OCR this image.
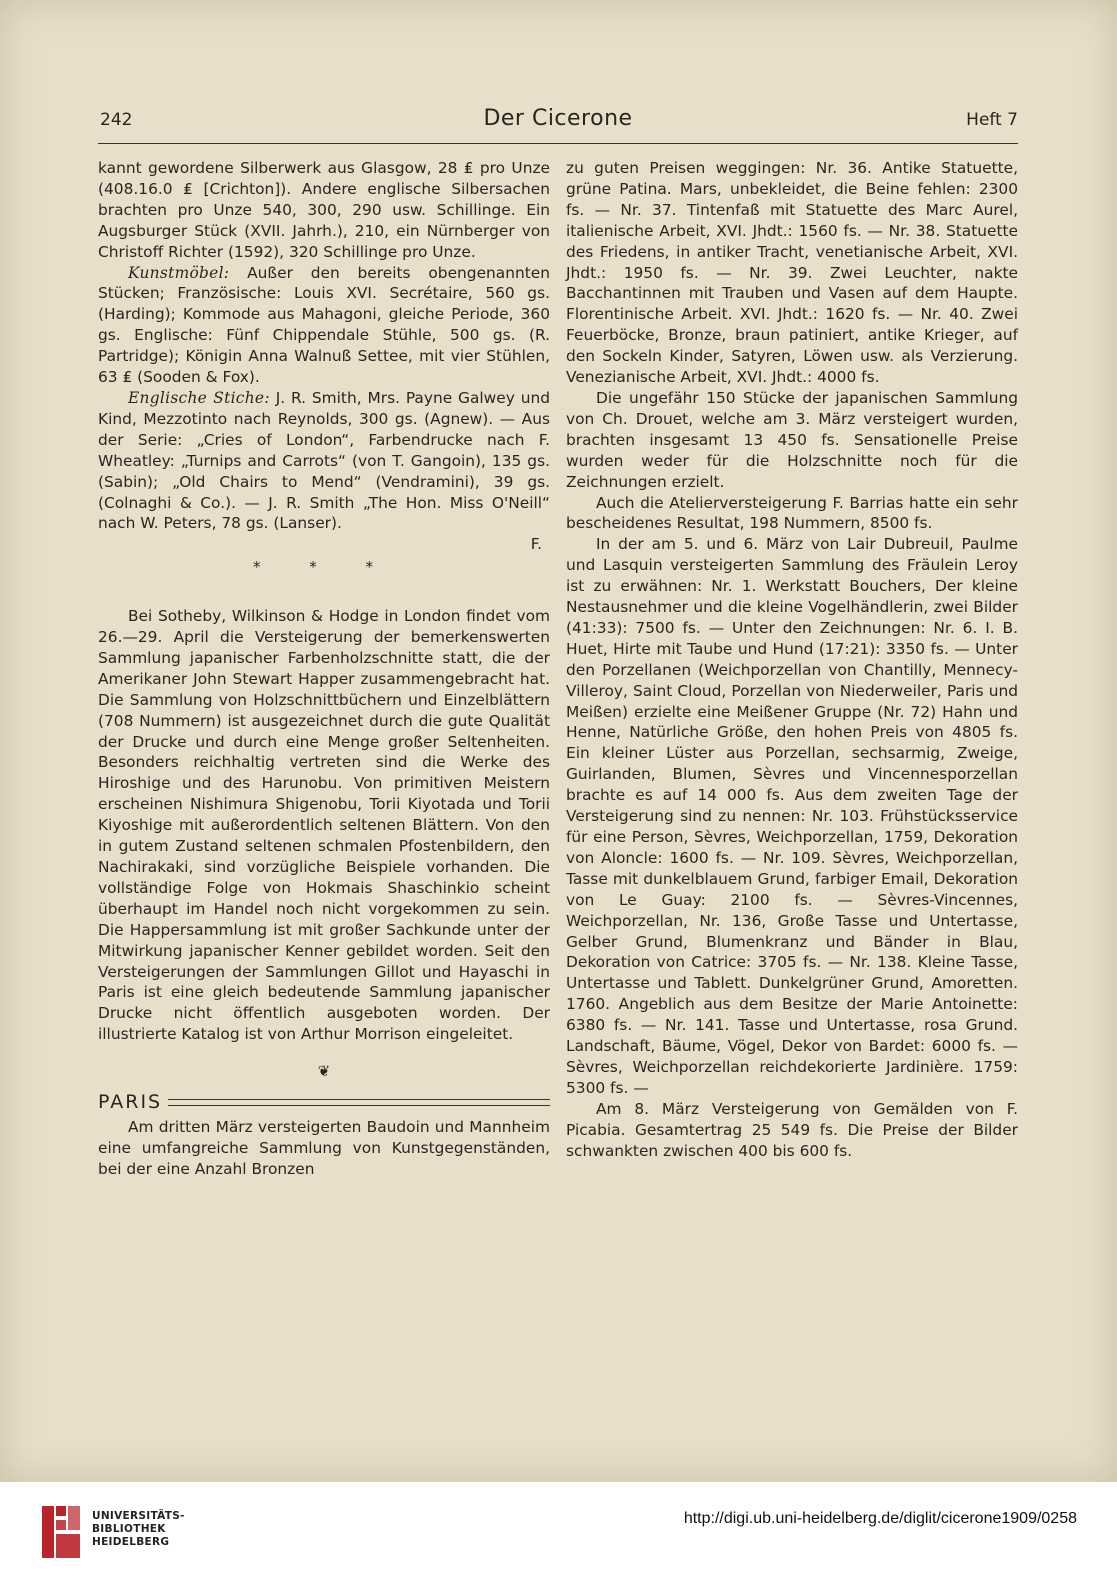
242	Der Cicerone	Heft 7

kannt gewordene Silberwerk aus Glasgow, 28 ₤ pro Unze (408.16.0 ₤ [Crichton]). Andere englische Silbersachen brachten pro Unze 540, 300, 290 usw. Schillinge. Ein Augsburger Stück (XVII. Jahrh.), 210, ein Nürnberger von Christoff Richter (1592), 320 Schillinge pro Unze.

Kunstmöbel: Außer den bereits obengenannten Stücken; Französische: Louis XVI. Secrétaire, 560 gs. (Harding); Kommode aus Mahagoni, gleiche Periode, 360 gs. Englische: Fünf Chippendale Stühle, 500 gs. (R. Partridge); Königin Anna Walnuß Settee, mit vier Stühlen, 63 ₤ (Sooden & Fox).

Englische Stiche: J. R. Smith, Mrs. Payne Galwey und Kind, Mezzotinto nach Reynolds, 300 gs. (Agnew). — Aus der Serie: „Cries of London“, Farbendrucke nach F. Wheatley: „Turnips and Carrots“ (von T. Gangoin), 135 gs. (Sabin); „Old Chairs to Mend“ (Vendramini), 39 gs. (Colnaghi & Co.). — J. R. Smith „The Hon. Miss O'Neill“ nach W. Peters, 78 gs. (Lanser).

F.

* * *

Bei Sotheby, Wilkinson & Hodge in London findet vom 26.—29. April die Versteigerung der bemerkenswerten Sammlung japanischer Farbenholzschnitte statt, die der Amerikaner John Stewart Happer zusammengebracht hat. Die Sammlung von Holzschnittbüchern und Einzelblättern (708 Nummern) ist ausgezeichnet durch die gute Qualität der Drucke und durch eine Menge großer Seltenheiten. Besonders reichhaltig vertreten sind die Werke des Hiroshige und des Harunobu. Von primitiven Meistern erscheinen Nishimura Shigenobu, Torii Kiyotada und Torii Kiyoshige mit außerordentlich seltenen Blättern. Von den in gutem Zustand seltenen schmalen Pfostenbildern, den Nachirakaki, sind vorzügliche Beispiele vorhanden. Die vollständige Folge von Hokmais Shaschinkio scheint überhaupt im Handel noch nicht vorgekommen zu sein. Die Happersammlung ist mit großer Sachkunde unter der Mitwirkung japanischer Kenner gebildet worden. Seit den Versteigerungen der Sammlungen Gillot und Hayaschi in Paris ist eine gleich bedeutende Sammlung japanischer Drucke nicht öffentlich ausgeboten worden. Der illustrierte Katalog ist von Arthur Morrison eingeleitet.

❦
PARIS

Am dritten März versteigerten Baudoin und Mannheim eine umfangreiche Sammlung von Kunstgegenständen, bei der eine Anzahl Bronzen

zu guten Preisen weggingen: Nr. 36. Antike Statuette, grüne Patina. Mars, unbekleidet, die Beine fehlen: 2300 fs. — Nr. 37. Tintenfaß mit Statuette des Marc Aurel, italienische Arbeit, XVI. Jhdt.: 1560 fs. — Nr. 38. Statuette des Friedens, in antiker Tracht, venetianische Arbeit, XVI. Jhdt.: 1950 fs. — Nr. 39. Zwei Leuchter, nakte Bacchantinnen mit Trauben und Vasen auf dem Haupte. Florentinische Arbeit. XVI. Jhdt.: 1620 fs. — Nr. 40. Zwei Feuerböcke, Bronze, braun patiniert, antike Krieger, auf den Sockeln Kinder, Satyren, Löwen usw. als Verzierung. Venezianische Arbeit, XVI. Jhdt.: 4000 fs.

Die ungefähr 150 Stücke der japanischen Sammlung von Ch. Drouet, welche am 3. März versteigert wurden, brachten insgesamt 13 450 fs. Sensationelle Preise wurden weder für die Holzschnitte noch für die Zeichnungen erzielt.

Auch die Atelierversteigerung F. Barrias hatte ein sehr bescheidenes Resultat, 198 Nummern, 8500 fs.

In der am 5. und 6. März von Lair Dubreuil, Paulme und Lasquin versteigerten Sammlung des Fräulein Leroy ist zu erwähnen: Nr. 1. Werkstatt Bouchers, Der kleine Nestausnehmer und die kleine Vogelhändlerin, zwei Bilder (41:33): 7500 fs. — Unter den Zeichnungen: Nr. 6. I. B. Huet, Hirte mit Taube und Hund (17:21): 3350 fs. — Unter den Porzellanen (Weichporzellan von Chantilly, Mennecy-Villeroy, Saint Cloud, Porzellan von Niederweiler, Paris und Meißen) erzielte eine Meißener Gruppe (Nr. 72) Hahn und Henne, Natürliche Größe, den hohen Preis von 4805 fs. Ein kleiner Lüster aus Porzellan, sechsarmig, Zweige, Guirlanden, Blumen, Sèvres und Vincennesporzellan brachte es auf 14 000 fs. Aus dem zweiten Tage der Versteigerung sind zu nennen: Nr. 103. Frühstücksservice für eine Person, Sèvres, Weichporzellan, 1759, Dekoration von Aloncle: 1600 fs. — Nr. 109. Sèvres, Weichporzellan, Tasse mit dunkelblauem Grund, farbiger Email, Dekoration von Le Guay: 2100 fs. — Sèvres-Vincennes, Weichporzellan, Nr. 136, Große Tasse und Untertasse, Gelber Grund, Blumenkranz und Bänder in Blau, Dekoration von Catrice: 3705 fs. — Nr. 138. Kleine Tasse, Untertasse und Tablett. Dunkelgrüner Grund, Amoretten. 1760. Angeblich aus dem Besitze der Marie Antoinette: 6380 fs. — Nr. 141. Tasse und Untertasse, rosa Grund. Landschaft, Bäume, Vögel, Dekor von Bardet: 6000 fs. — Sèvres, Weichporzellan reichdekorierte Jardinière. 1759: 5300 fs. —

Am 8. März Versteigerung von Gemälden von F. Picabia. Gesamtertrag 25 549 fs. Die Preise der Bilder schwankten zwischen 400 bis 600 fs.

UNIVERSITÄTS-
BIBLIOTHEK
HEIDELBERG
http://digi.ub.uni-heidelberg.de/diglit/cicerone1909/0258
